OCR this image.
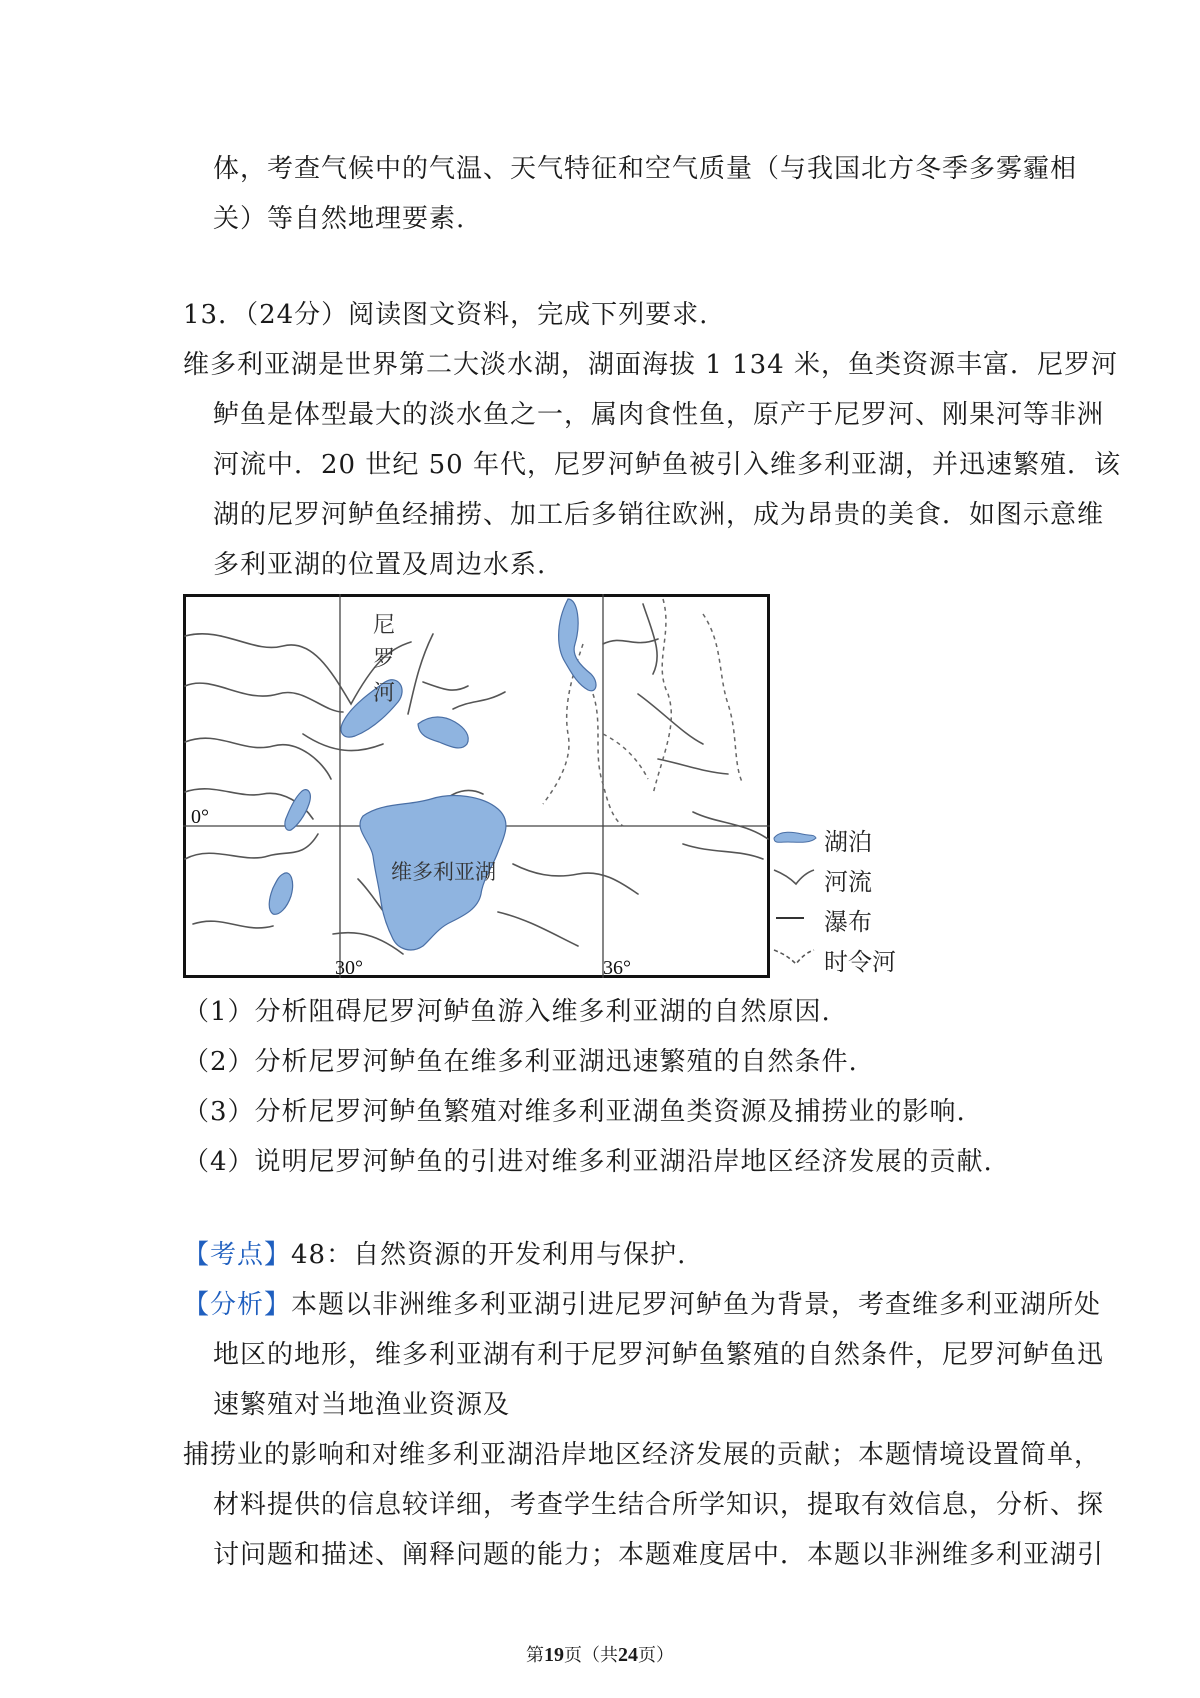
体，考查气候中的气温、天气特征和空气质量（与我国北方冬季多雾霾相
关）等自然地理要素.
13．（24分）阅读图文资料，完成下列要求.
维多利亚湖是世界第二大淡水湖，湖面海拔 1 134 米，鱼类资源丰富．尼罗河
鲈鱼是体型最大的淡水鱼之一，属肉食性鱼，原产于尼罗河、刚果河等非洲
河流中．20 世纪 50 年代，尼罗河鲈鱼被引入维多利亚湖，并迅速繁殖．该
湖的尼罗河鲈鱼经捕捞、加工后多销往欧洲，成为昂贵的美食．如图示意维
多利亚湖的位置及周边水系.
尼
罗
河
维多利亚湖
0°
30°	36°
湖泊
河流
瀑布
时令河
（1）分析阻碍尼罗河鲈鱼游入维多利亚湖的自然原因.
（2）分析尼罗河鲈鱼在维多利亚湖迅速繁殖的自然条件.
（3）分析尼罗河鲈鱼繁殖对维多利亚湖鱼类资源及捕捞业的影响.
（4）说明尼罗河鲈鱼的引进对维多利亚湖沿岸地区经济发展的贡献.
【考点】48：自然资源的开发利用与保护.
【分析】本题以非洲维多利亚湖引进尼罗河鲈鱼为背景，考查维多利亚湖所处
地区的地形，维多利亚湖有利于尼罗河鲈鱼繁殖的自然条件，尼罗河鲈鱼迅
速繁殖对当地渔业资源及
捕捞业的影响和对维多利亚湖沿岸地区经济发展的贡献；本题情境设置简单，
材料提供的信息较详细，考查学生结合所学知识，提取有效信息，分析、探
讨问题和描述、阐释问题的能力；本题难度居中．本题以非洲维多利亚湖引
第19页（共24页）
